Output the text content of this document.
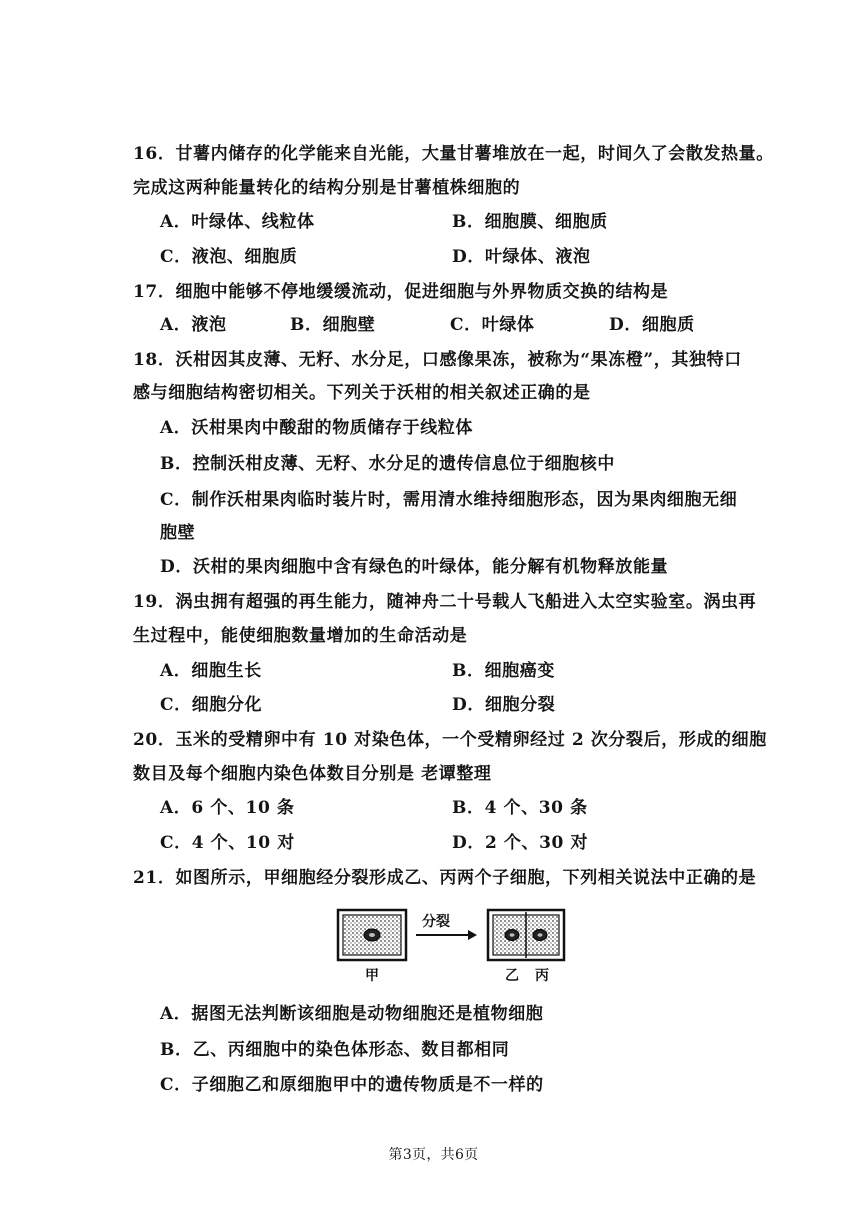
16．甘薯内储存的化学能来自光能，大量甘薯堆放在一起，时间久了会散发热量。
完成这两种能量转化的结构分别是甘薯植株细胞的
A．叶绿体、线粒体	B．细胞膜、细胞质
C．液泡、细胞质	D．叶绿体、液泡
17．细胞中能够不停地缓缓流动，促进细胞与外界物质交换的结构是
A．液泡	B．细胞壁	C．叶绿体	D．细胞质
18．沃柑因其皮薄、无籽、水分足，口感像果冻，被称为“果冻橙”，其独特口
感与细胞结构密切相关。下列关于沃柑的相关叙述正确的是
A．沃柑果肉中酸甜的物质储存于线粒体
B．控制沃柑皮薄、无籽、水分足的遗传信息位于细胞核中
C．制作沃柑果肉临时装片时，需用清水维持细胞形态，因为果肉细胞无细
胞壁
D．沃柑的果肉细胞中含有绿色的叶绿体，能分解有机物释放能量
19．涡虫拥有超强的再生能力，随神舟二十号载人飞船进入太空实验室。涡虫再
生过程中，能使细胞数量增加的生命活动是
A．细胞生长	B．细胞癌变
C．细胞分化	D．细胞分裂
20．玉米的受精卵中有 10 对染色体，一个受精卵经过 2 次分裂后，形成的细胞
数目及每个细胞内染色体数目分别是 老谭整理
A．6 个、10 条	B．4 个、30 条
C．4 个、10 对	D．2 个、30 对
21．如图所示，甲细胞经分裂形成乙、丙两个子细胞，下列相关说法中正确的是
分裂
甲	乙 丙
A．据图无法判断该细胞是动物细胞还是植物细胞
B．乙、丙细胞中的染色体形态、数目都相同
C．子细胞乙和原细胞甲中的遗传物质是不一样的
第3页，共6页
